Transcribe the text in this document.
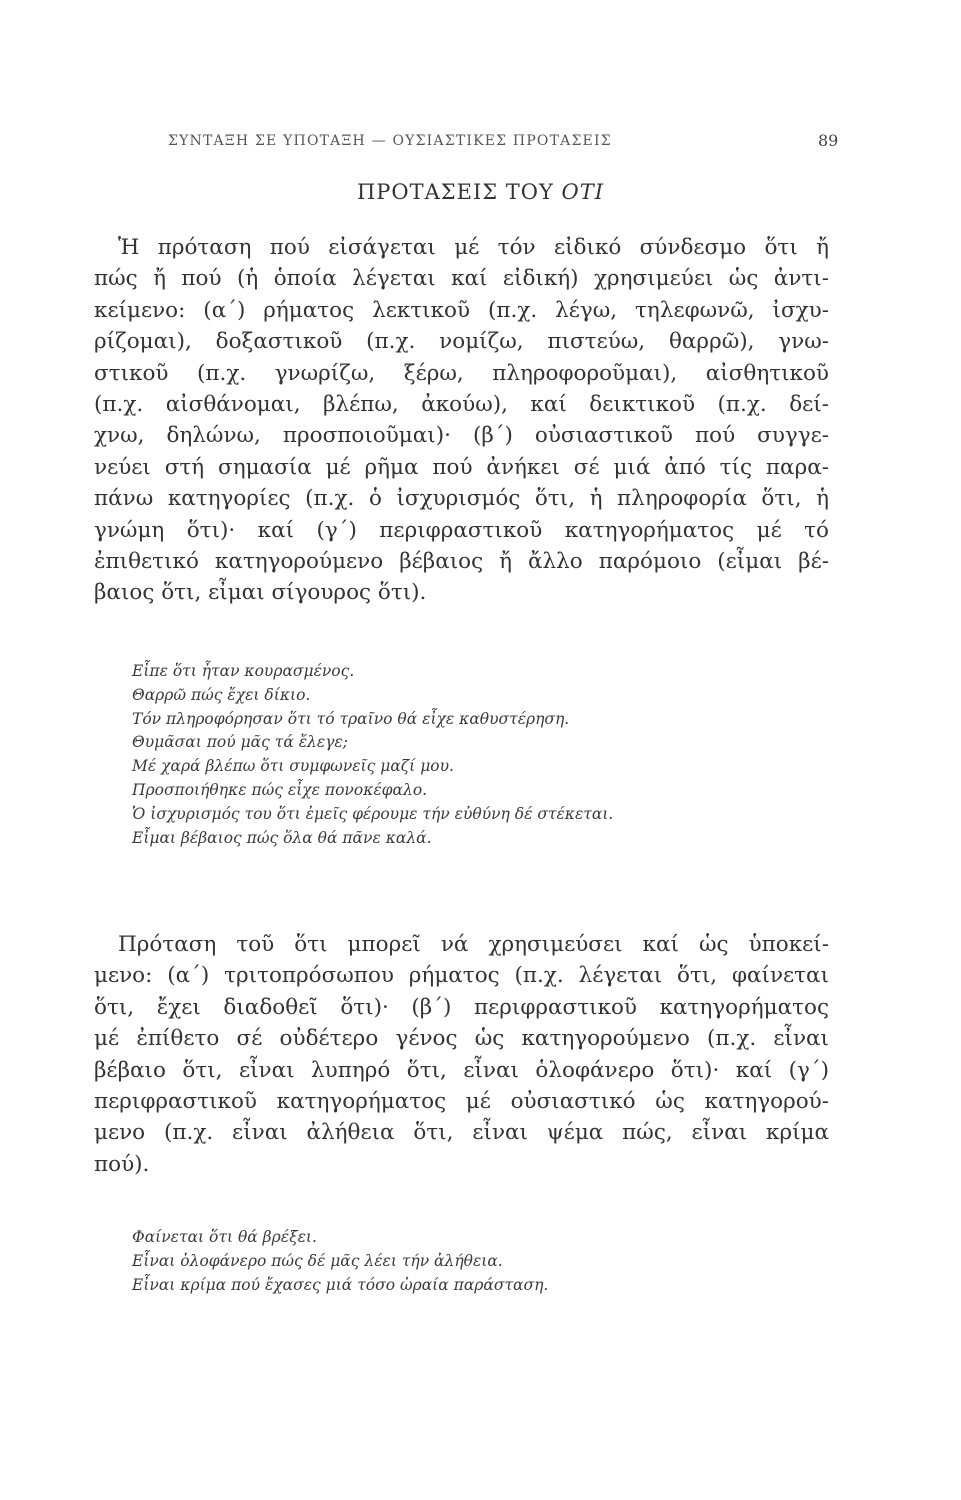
ΣΥΝΤΑΞΗ ΣΕ ΥΠΟΤΑΞΗ — ΟΥΣΙΑΣΤΙΚΕΣ ΠΡΟΤΑΣΕΙΣ	89
ΠΡΟΤΑΣΕΙΣ ΤΟΥ ΟΤΙ

Ἡ πρόταση πού εἰσάγεται μέ τόν εἰδικό σύνδεσμο ὅτι ἤ
πώς ἤ πού (ἡ ὁποία λέγεται καί εἰδική) χρησιμεύει ὡς ἀντι-
κείμενο: (α΄) ρήματος λεκτικοῦ (π.χ. λέγω, τηλεφωνῶ, ἰσχυ-
ρίζομαι), δοξαστικοῦ (π.χ. νομίζω, πιστεύω, θαρρῶ), γνω-
στικοῦ (π.χ. γνωρίζω, ξέρω, πληροφοροῦμαι), αἰσθητικοῦ
(π.χ. αἰσθάνομαι, βλέπω, ἀκούω), καί δεικτικοῦ (π.χ. δεί-
χνω, δηλώνω, προσποιοῦμαι)· (β΄) οὐσιαστικοῦ πού συγγε-
νεύει στή σημασία μέ ρῆμα πού ἀνήκει σέ μιά ἀπό τίς παρα-
πάνω κατηγορίες (π.χ. ὁ ἰσχυρισμός ὅτι, ἡ πληροφορία ὅτι, ἡ
γνώμη ὅτι)· καί (γ΄) περιφραστικοῦ κατηγορήματος μέ τό
ἐπιθετικό κατηγορούμενο βέβαιος ἤ ἄλλο παρόμοιο (εἶμαι βέ-
βαιος ὅτι, εἶμαι σίγουρος ὅτι).

Εἶπε ὅτι ἦταν κουρασμένος.
Θαρρῶ πώς ἔχει δίκιο.
Τόν πληροφόρησαν ὅτι τό τραῖνο θά εἶχε καθυστέρηση.
Θυμᾶσαι πού μᾶς τά ἔλεγε;
Μέ χαρά βλέπω ὅτι συμφωνεῖς μαζί μου.
Προσποιήθηκε πώς εἶχε πονοκέφαλο.
Ὁ ἰσχυρισμός του ὅτι ἐμεῖς φέρουμε τήν εὐθύνη δέ στέκεται.
Εἶμαι βέβαιος πώς ὅλα θά πᾶνε καλά.

Πρόταση τοῦ ὅτι μπορεῖ νά χρησιμεύσει καί ὡς ὑποκεί-
μενο: (α΄) τριτοπρόσωπου ρήματος (π.χ. λέγεται ὅτι, φαίνεται
ὅτι, ἔχει διαδοθεῖ ὅτι)· (β΄) περιφραστικοῦ κατηγορήματος
μέ ἐπίθετο σέ οὐδέτερο γένος ὡς κατηγορούμενο (π.χ. εἶναι
βέβαιο ὅτι, εἶναι λυπηρό ὅτι, εἶναι ὁλοφάνερο ὅτι)· καί (γ΄)
περιφραστικοῦ κατηγορήματος μέ οὐσιαστικό ὡς κατηγορού-
μενο (π.χ. εἶναι ἀλήθεια ὅτι, εἶναι ψέμα πώς, εἶναι κρίμα
πού).

Φαίνεται ὅτι θά βρέξει.
Εἶναι ὁλοφάνερο πώς δέ μᾶς λέει τήν ἀλήθεια.
Εἶναι κρίμα πού ἔχασες μιά τόσο ὡραία παράσταση.
